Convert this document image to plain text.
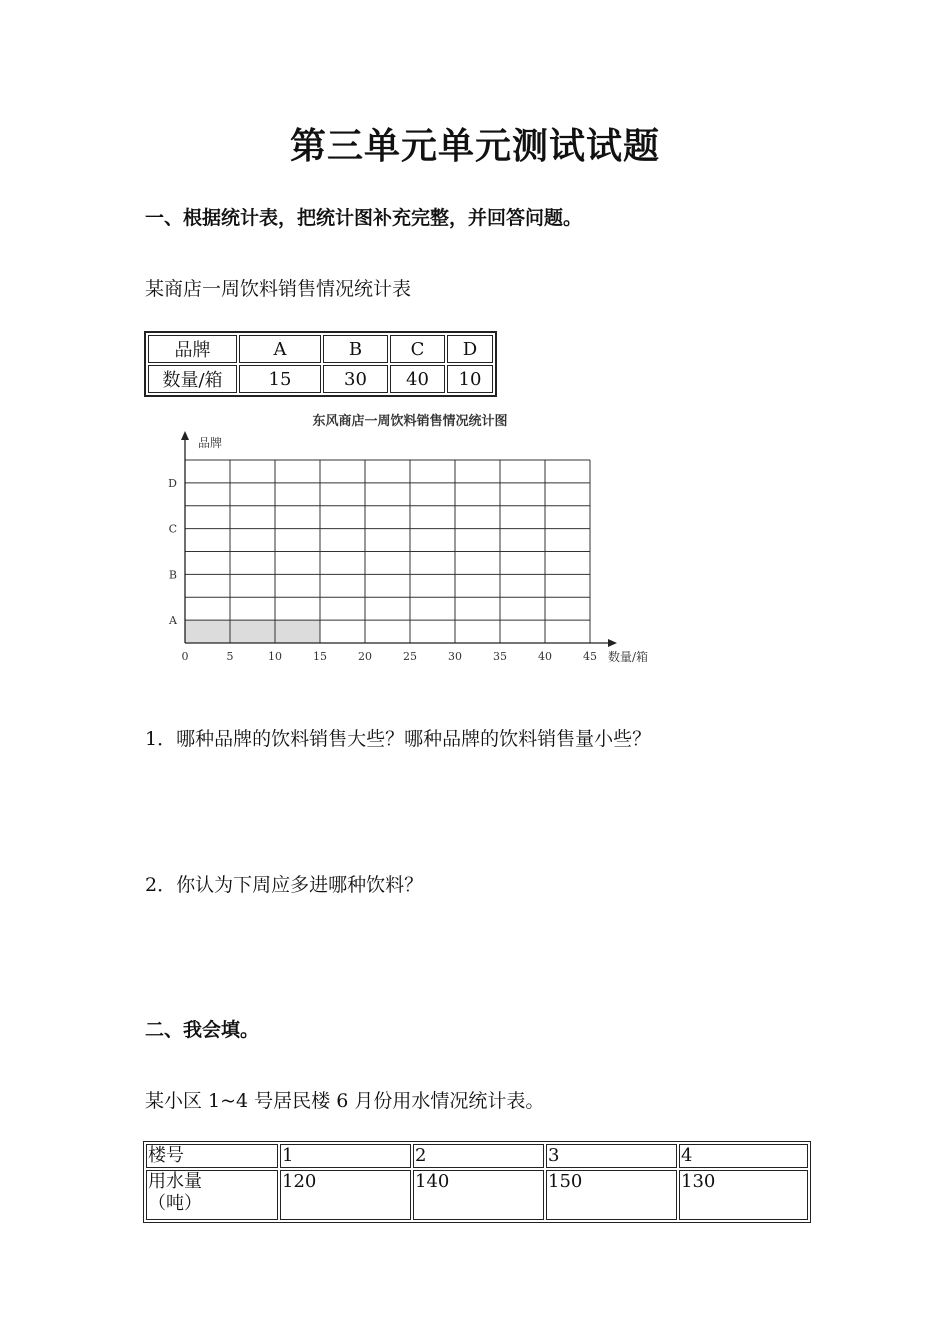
第三单元单元测试试题
一、根据统计表，把统计图补充完整，并回答问题。
某商店一周饮料销售情况统计表
品牌	A	B	C	D
数量/箱	15	30	40	10
东风商店一周饮料销售情况统计图
品牌
数量/箱
0	5	10	15	20	25	30	35	40	45
A
B
C
D
1．哪种品牌的饮料销售大些？哪种品牌的饮料销售量小些？
2．你认为下周应多进哪种饮料？
二、我会填。
某小区 1~4 号居民楼 6 月份用水情况统计表。
楼号	1	2	3	4

用水量
（吨）	120	140	150	130
